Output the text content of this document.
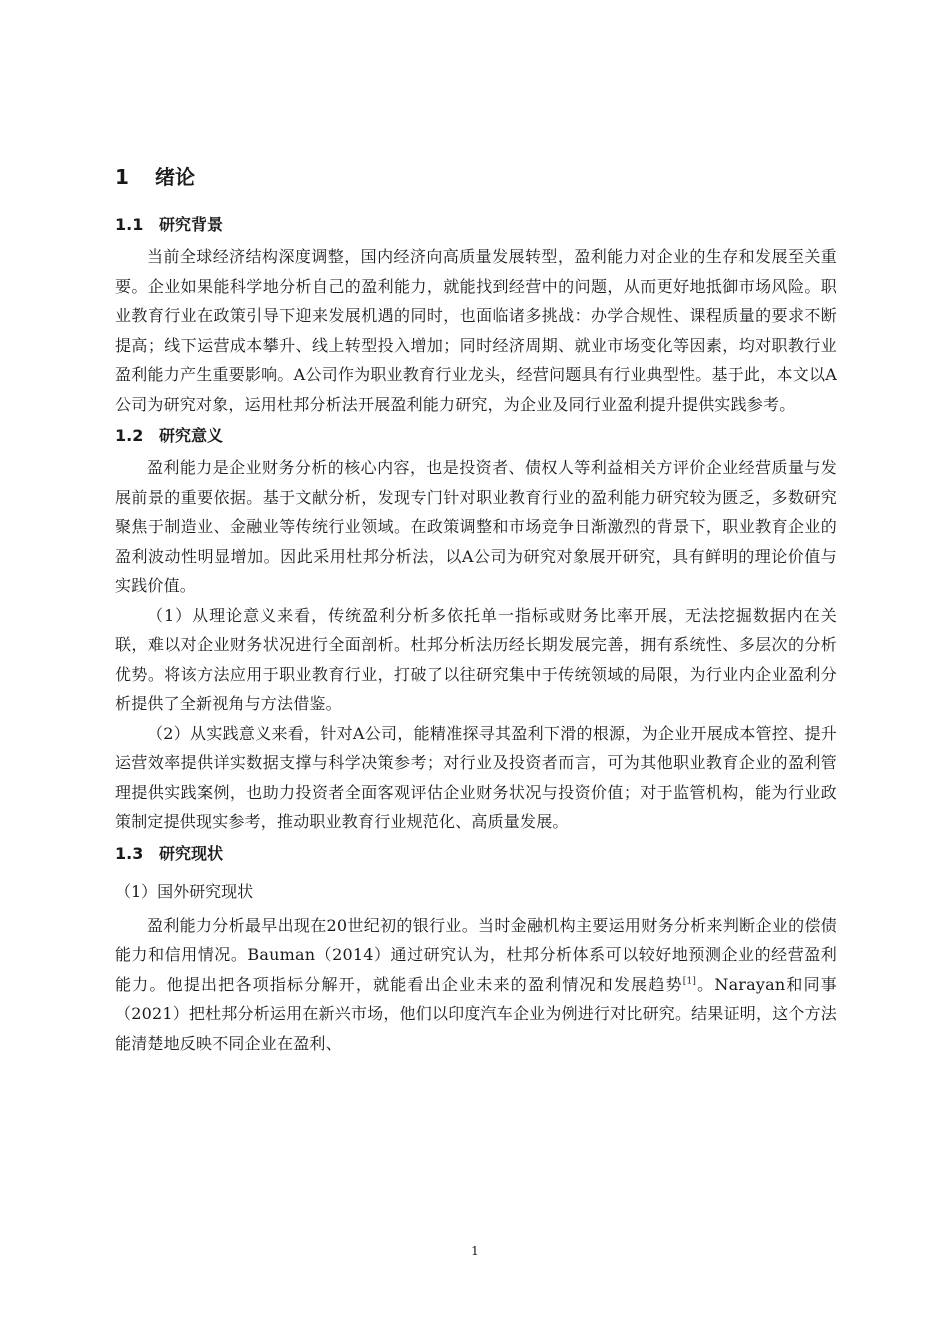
1	绪论
1.1 研究背景

当前全球经济结构深度调整，国内经济向高质量发展转型，盈利能力对企业的生存和发展至关重要。企业如果能科学地分析自己的盈利能力，就能找到经营中的问题，从而更好地抵御市场风险。职业教育行业在政策引导下迎来发展机遇的同时，也面临诸多挑战：办学合规性、课程质量的要求不断提高；线下运营成本攀升、线上转型投入增加；同时经济周期、就业市场变化等因素，均对职教行业盈利能力产生重要影响。A公司作为职业教育行业龙头，经营问题具有行业典型性。基于此，本文以A公司为研究对象，运用杜邦分析法开展盈利能力研究，为企业及同行业盈利提升提供实践参考。

1.2 研究意义

盈利能力是企业财务分析的核心内容，也是投资者、债权人等利益相关方评价企业经营质量与发展前景的重要依据。基于文献分析，发现专门针对职业教育行业的盈利能力研究较为匮乏，多数研究聚焦于制造业、金融业等传统行业领域。在政策调整和市场竞争日渐激烈的背景下，职业教育企业的盈利波动性明显增加。因此采用杜邦分析法，以A公司为研究对象展开研究，具有鲜明的理论价值与实践价值。

（1）从理论意义来看，传统盈利分析多依托单一指标或财务比率开展，无法挖掘数据内在关联，难以对企业财务状况进行全面剖析。杜邦分析法历经长期发展完善，拥有系统性、多层次的分析优势。将该方法应用于职业教育行业，打破了以往研究集中于传统领域的局限，为行业内企业盈利分析提供了全新视角与方法借鉴。

（2）从实践意义来看，针对A公司，能精准探寻其盈利下滑的根源，为企业开展成本管控、提升运营效率提供详实数据支撑与科学决策参考；对行业及投资者而言，可为其他职业教育企业的盈利管理提供实践案例，也助力投资者全面客观评估企业财务状况与投资价值；对于监管机构，能为行业政策制定提供现实参考，推动职业教育行业规范化、高质量发展。

1.3 研究现状
（1）国外研究现状

盈利能力分析最早出现在20世纪初的银行业。当时金融机构主要运用财务分析来判断企业的偿债能力和信用情况。Bauman（2014）通过研究认为，杜邦分析体系可以较好地预测企业的经营盈利能力。他提出把各项指标分解开，就能看出企业未来的盈利情况和发展趋势[1]。Narayan和同事（2021）把杜邦分析运用在新兴市场，他们以印度汽车企业为例进行对比研究。结果证明，这个方法能清楚地反映不同企业在盈利、

1
